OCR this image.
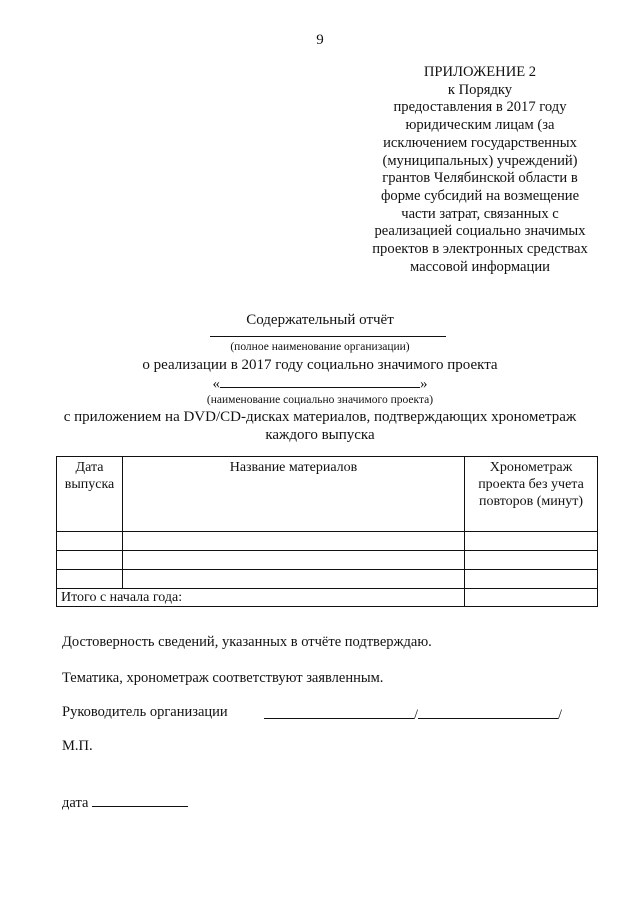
9
ПРИЛОЖЕНИЕ 2
к Порядку
предоставления в 2017 году
юридическим лицам (за
исключением государственных
(муниципальных) учреждений)
грантов Челябинской области в
форме субсидий на возмещение
части затрат, связанных с
реализацией социально значимых
проектов в электронных средствах
массовой информации
Содержательный отчёт
(полное наименование организации)
о реализации в 2017 году социально значимого проекта
«	»
(наименование социально значимого проекта)
с приложением на DVD/CD-дисках материалов, подтверждающих хронометраж
каждого выпуска
Дата выпуска	Название материалов	Хронометраж проекта без учета повторов (минут)

Итого с начала года:		
Достоверность сведений, указанных в отчёте подтверждаю.
Тематика, хронометраж соответствуют заявленным.
Руководитель организации	/	/
М.П.
дата
